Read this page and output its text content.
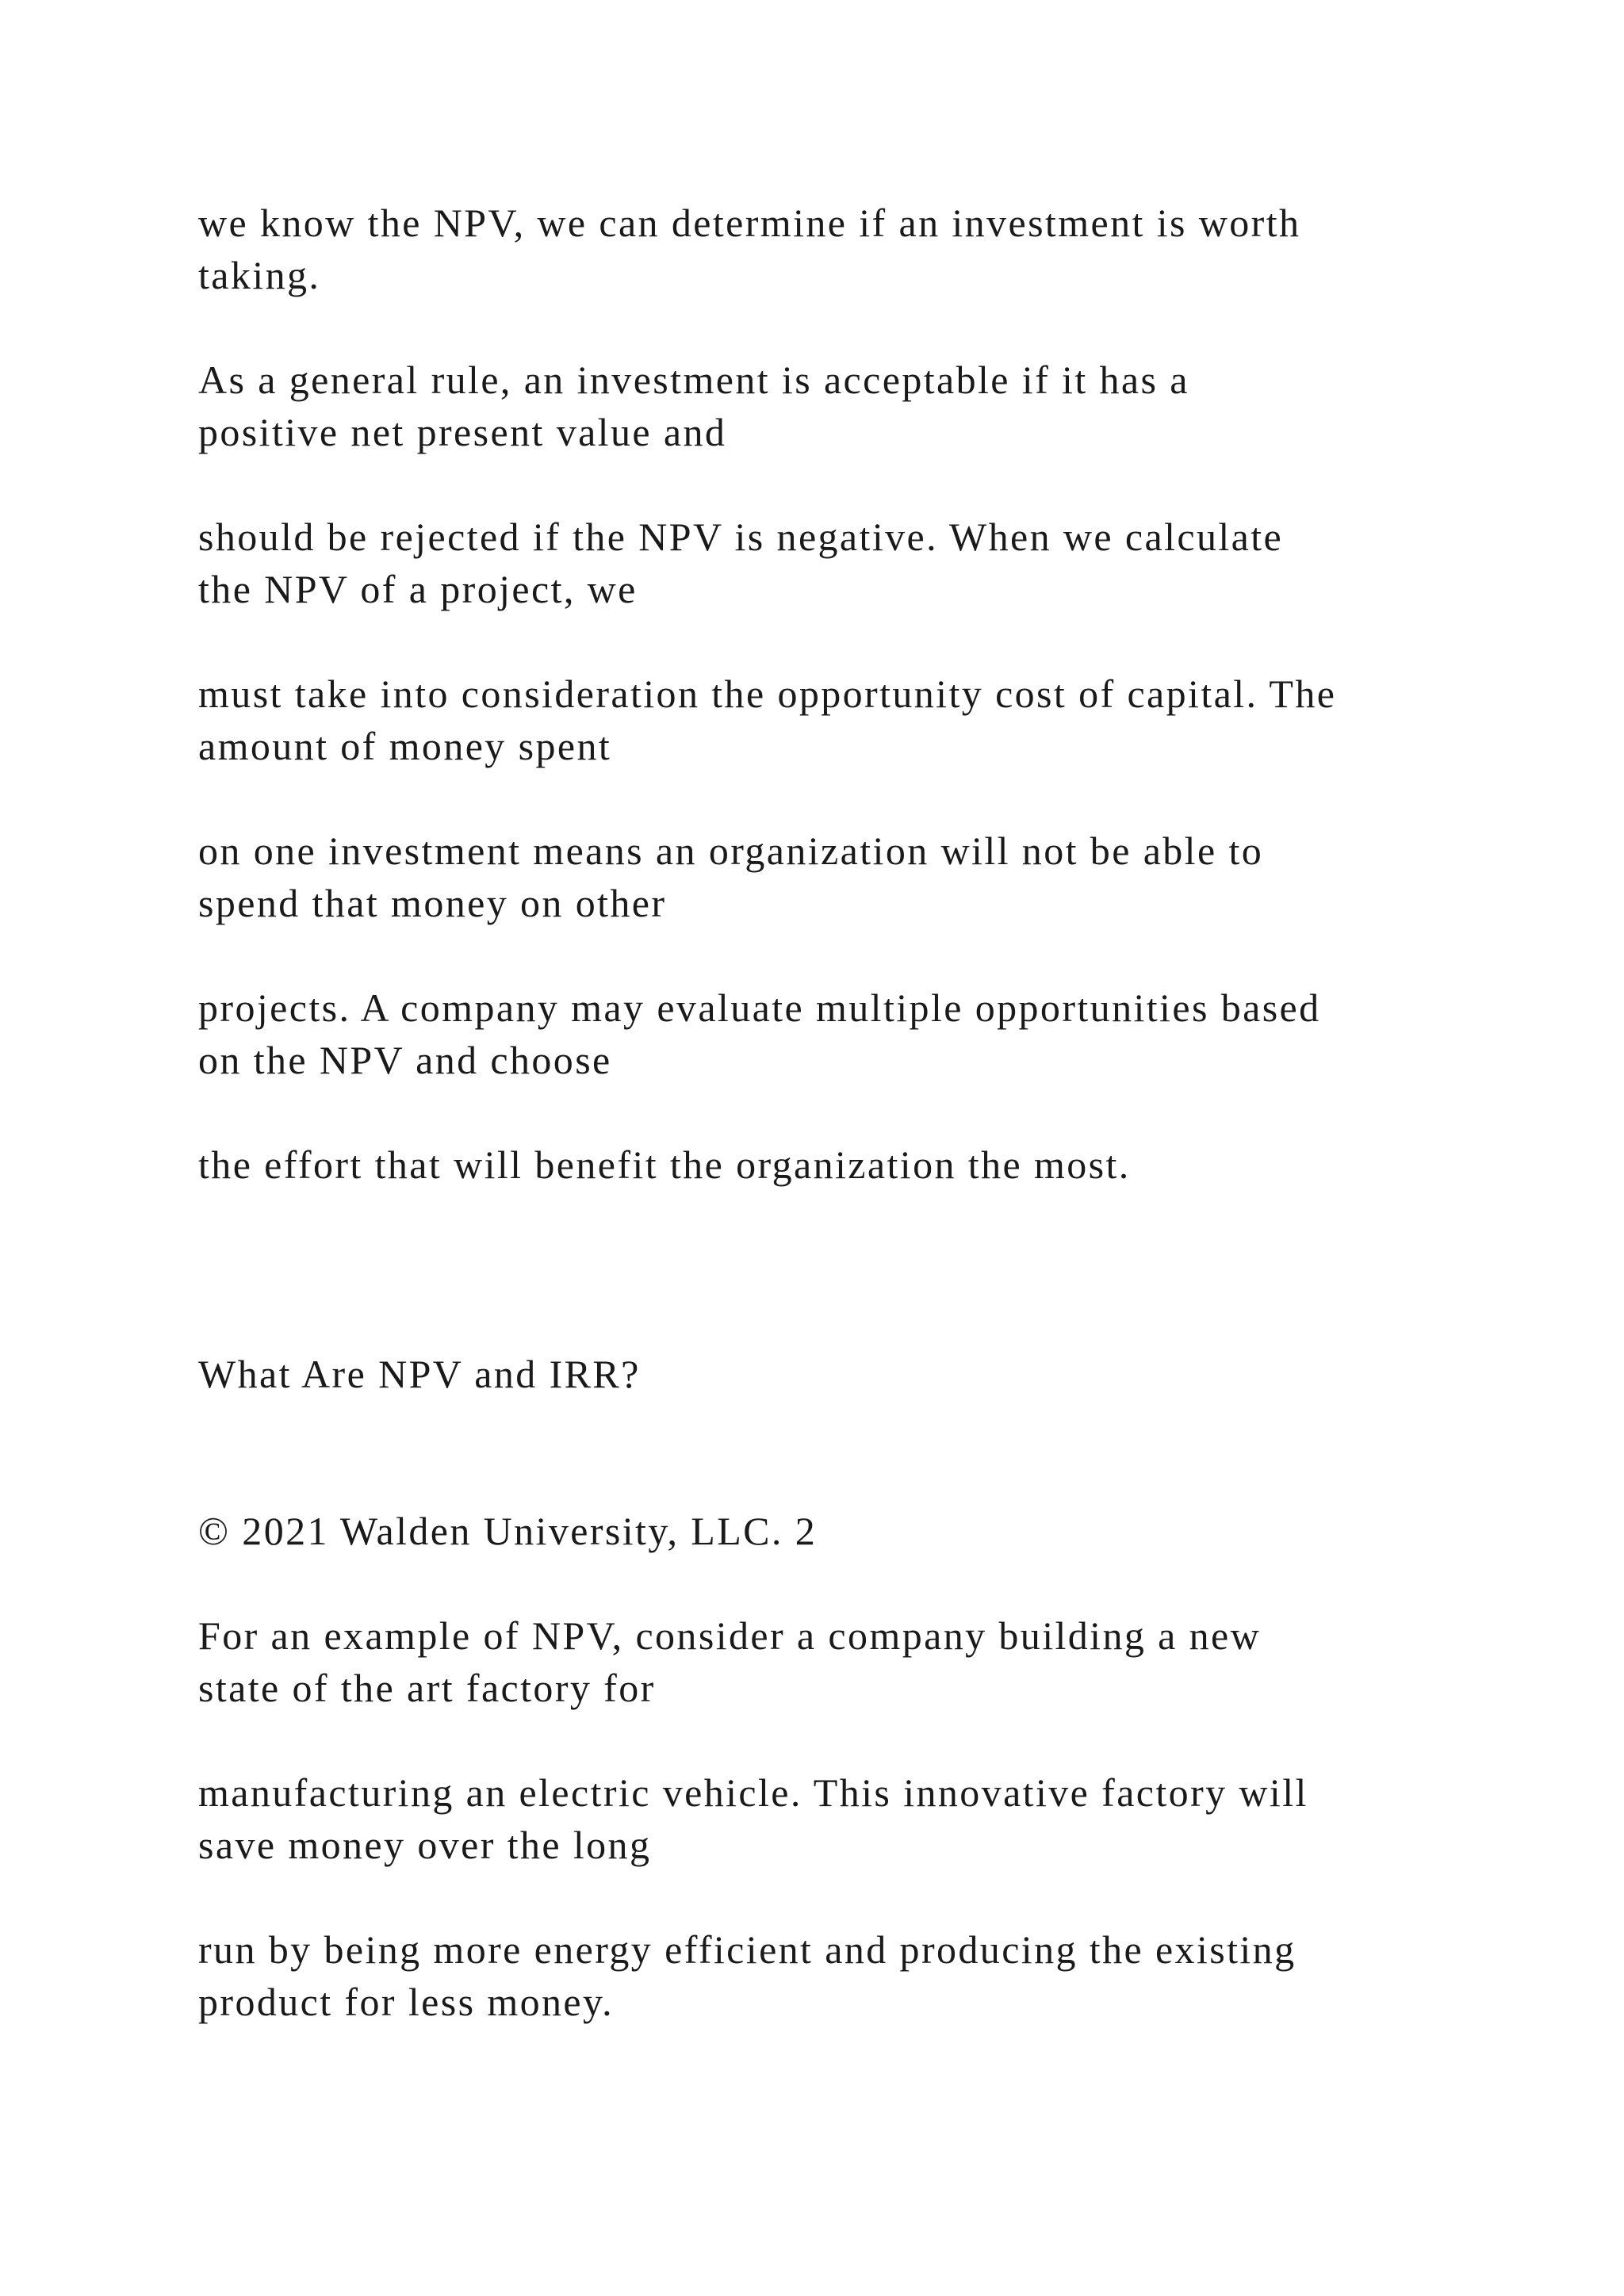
we know the NPV, we can determine if an investment is worth
taking.

As a general rule, an investment is acceptable if it has a
positive net present value and

should be rejected if the NPV is negative. When we calculate
the NPV of a project, we

must take into consideration the opportunity cost of capital. The
amount of money spent

on one investment means an organization will not be able to
spend that money on other

projects. A company may evaluate multiple opportunities based
on the NPV and choose

the effort that will benefit the organization the most.

What Are NPV and IRR?

© 2021 Walden University, LLC. 2

For an example of NPV, consider a company building a new
state of the art factory for

manufacturing an electric vehicle. This innovative factory will
save money over the long

run by being more energy efficient and producing the existing
product for less money.
